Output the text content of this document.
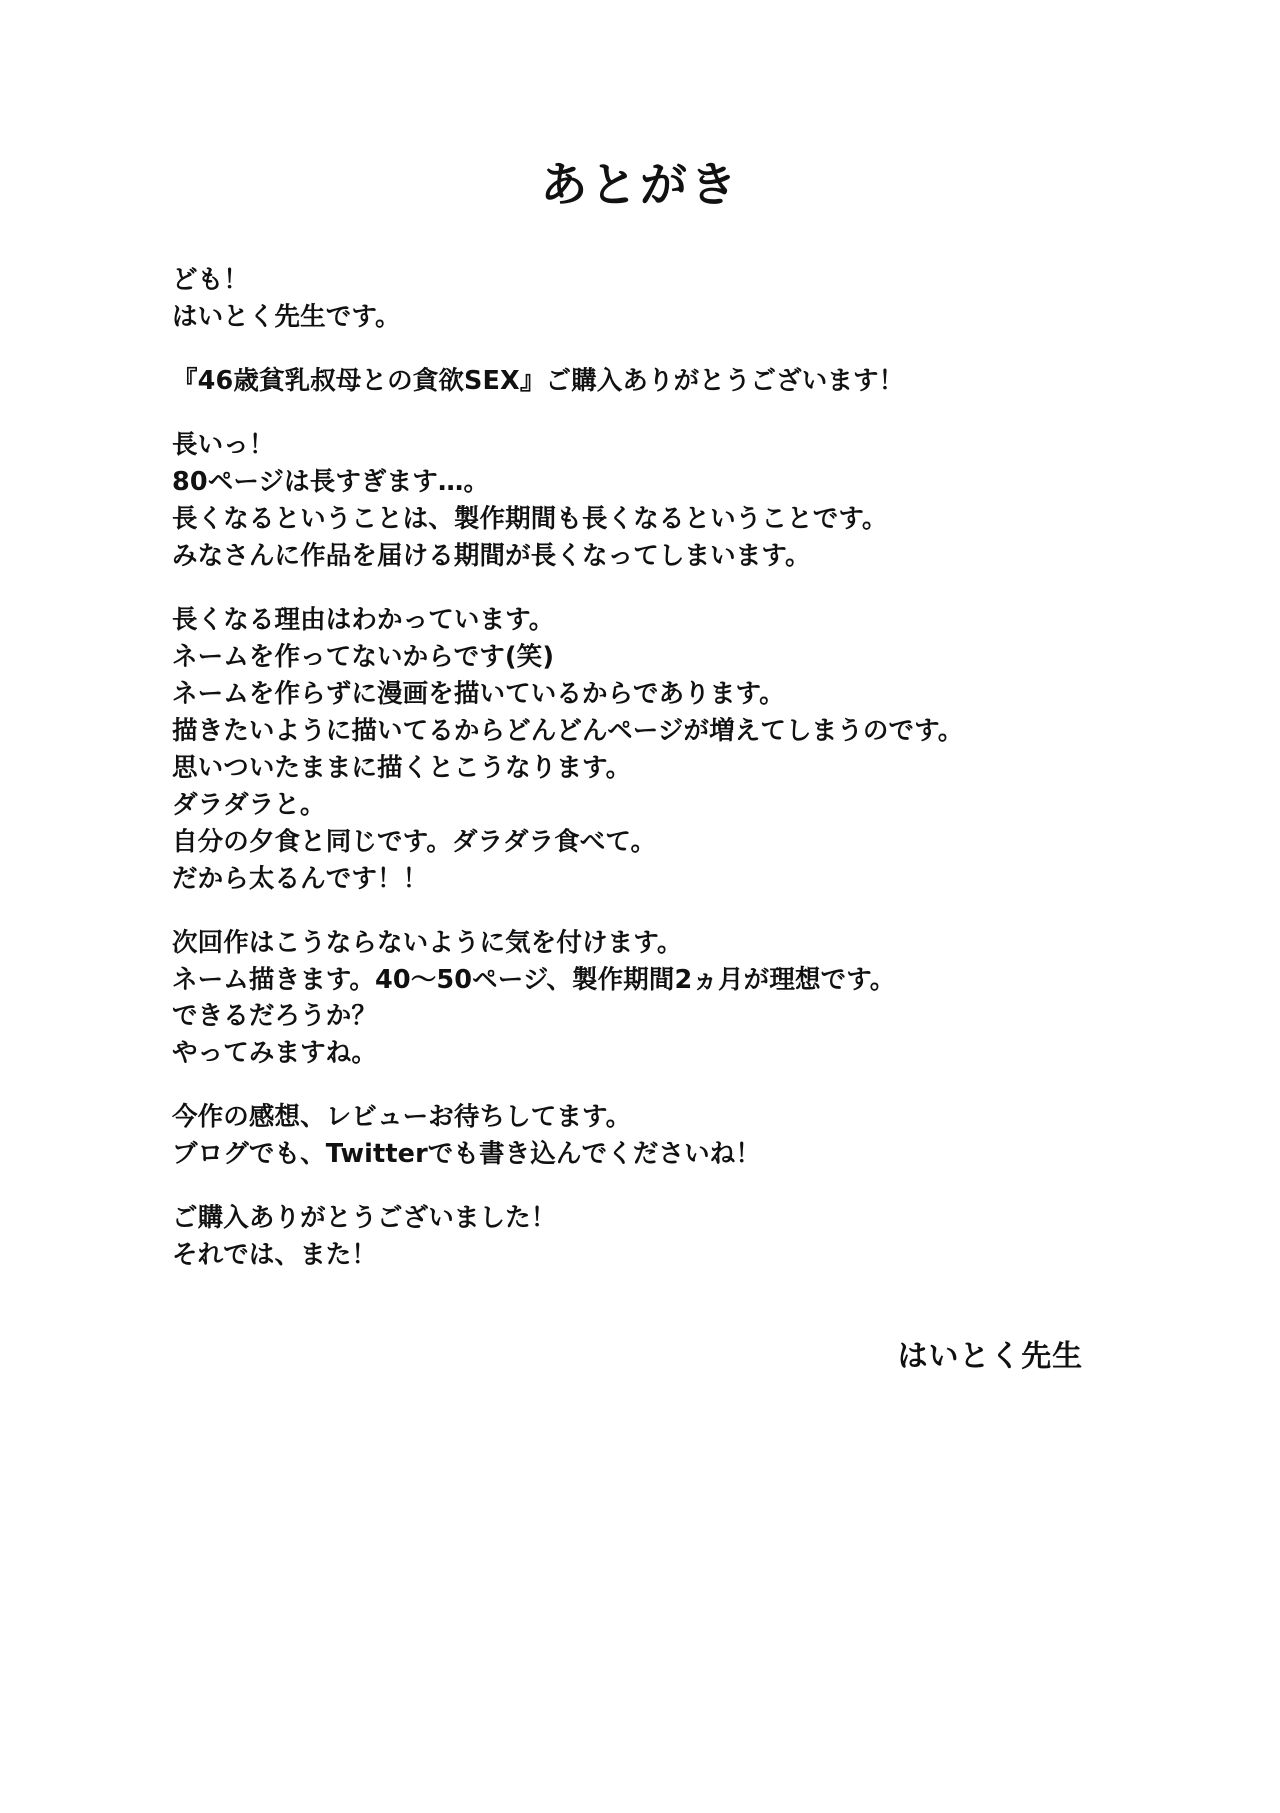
あとがき

ども！
はいとく先生です。

『46歳貧乳叔母との貪欲SEX』ご購入ありがとうございます！

長いっ！
80ページは長すぎます…。
長くなるということは、製作期間も長くなるということです。
みなさんに作品を届ける期間が長くなってしまいます。

長くなる理由はわかっています。
ネームを作ってないからです(笑)
ネームを作らずに漫画を描いているからであります。
描きたいように描いてるからどんどんページが増えてしまうのです。
思いついたままに描くとこうなります。
ダラダラと。
自分の夕食と同じです。ダラダラ食べて。
だから太るんです！！

次回作はこうならないように気を付けます。
ネーム描きます。40〜50ページ、製作期間2ヵ月が理想です。
できるだろうか？
やってみますね。

今作の感想、レビューお待ちしてます。
ブログでも、Twitterでも書き込んでくださいね！

ご購入ありがとうございました！
それでは、また！

はいとく先生
